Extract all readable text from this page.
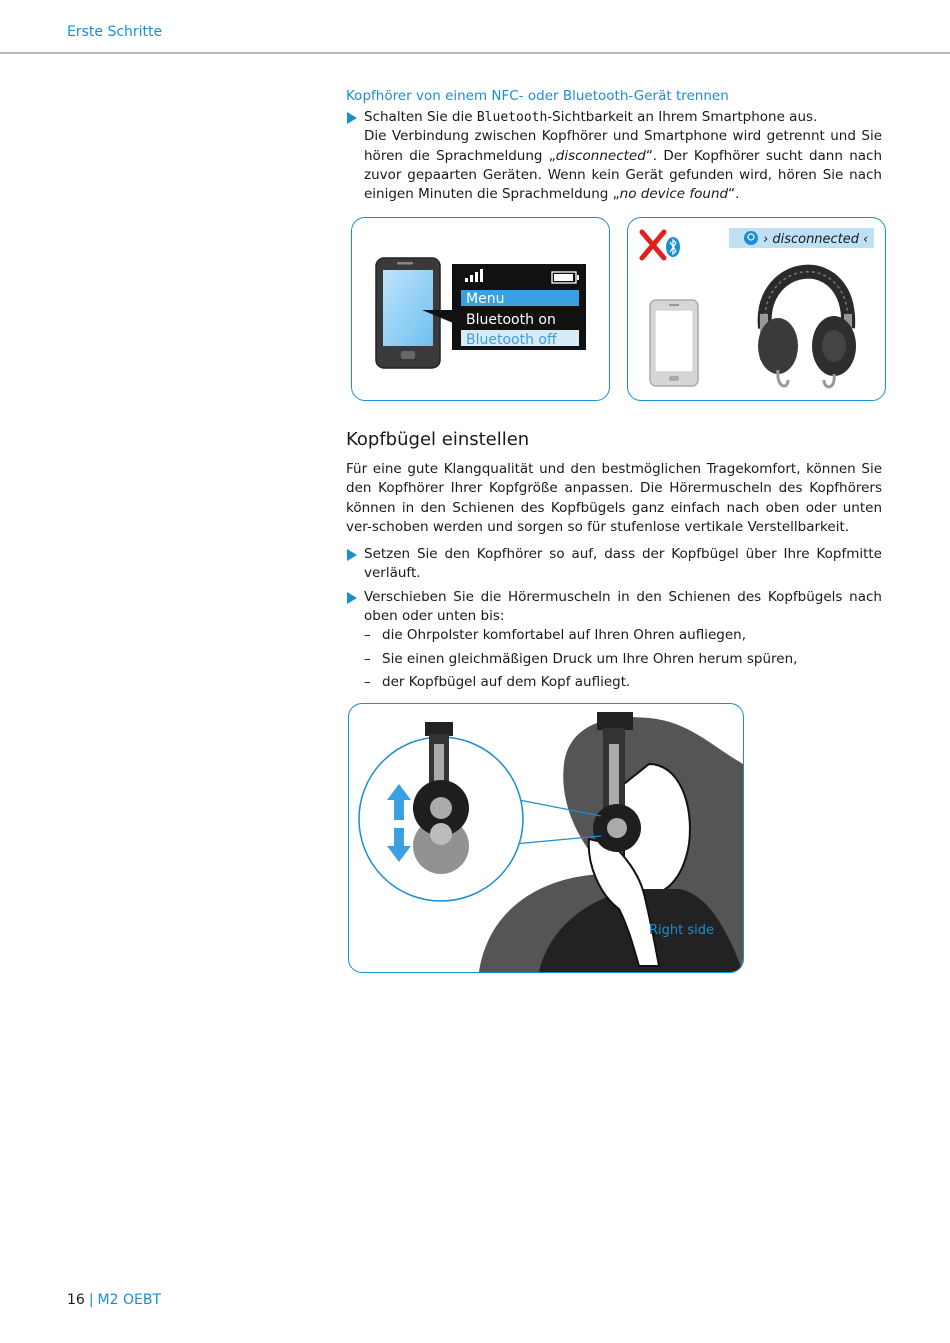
Erste Schritte
Kopfhörer von einem NFC- oder Bluetooth-Gerät trennen
Schalten Sie die Bluetooth-Sichtbarkeit an Ihrem Smartphone aus.
Die Verbindung zwischen Kopfhörer und Smartphone wird getrennt und Sie hören die Sprachmeldung „disconnected“. Der Kopfhörer sucht dann nach zuvor gepaarten Geräten. Wenn kein Gerät gefunden wird, hören Sie nach einigen Minuten die Sprachmeldung „no device found“.
Menu
Bluetooth on
Bluetooth off
› disconnected ‹
Kopfbügel einstellen
Für eine gute Klangqualität und den bestmöglichen Tragekomfort, können Sie den Kopfhörer Ihrer Kopfgröße anpassen. Die Hörermuscheln des Kopfhörers können in den Schienen des Kopfbügels ganz einfach nach oben oder unten ver-schoben werden und sorgen so für stufenlose vertikale Verstellbarkeit.
Setzen Sie den Kopfhörer so auf, dass der Kopfbügel über Ihre Kopfmitte verläuft.
Verschieben Sie die Hörermuscheln in den Schienen des Kopfbügels nach oben oder unten bis:
– die Ohrpolster komfortabel auf Ihren Ohren aufliegen,
– Sie einen gleichmäßigen Druck um Ihre Ohren herum spüren,
– der Kopfbügel auf dem Kopf aufliegt.
Right side
16 | M2 OEBT
